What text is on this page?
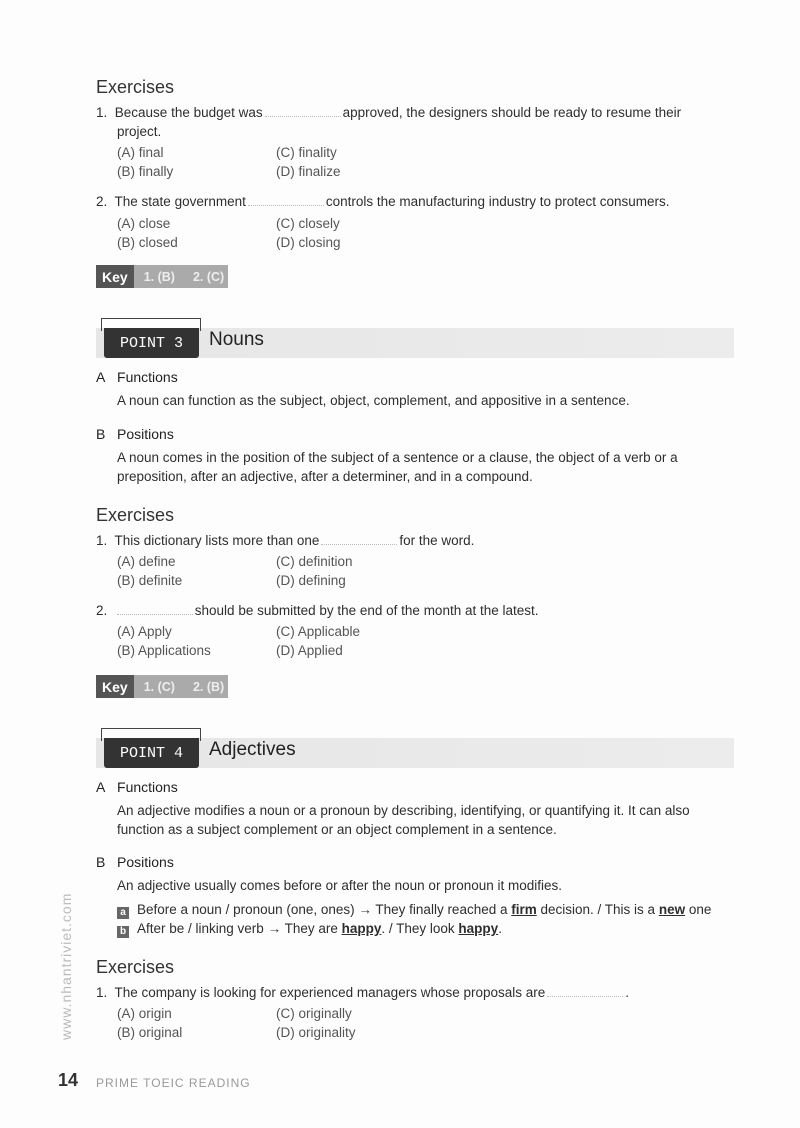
Exercises
1. Because the budget was	approved, the designers should be ready to resume their
project.
(A) final	(C) finality
(B) finally	(D) finalize
2. The state government	controls the manufacturing industry to protect consumers.
(A) close	(C) closely
(B) closed	(D) closing
Key	1. (B) 2. (C)
POINT 3	Nouns
A Functions
A noun can function as the subject, object, complement, and appositive in a sentence.
B Positions
A noun comes in the position of the subject of a sentence or a clause, the object of a verb or a
preposition, after an adjective, after a determiner, and in a compound.
Exercises
1. This dictionary lists more than one	for the word.
(A) define	(C) definition
(B) definite	(D) defining
2.	should be submitted by the end of the month at the latest.
(A) Apply	(C) Applicable
(B) Applications	(D) Applied
Key	1. (C) 2. (B)
POINT 4	Adjectives
A Functions
An adjective modifies a noun or a pronoun by describing, identifying, or quantifying it. It can also
function as a subject complement or an object complement in a sentence.
B Positions
An adjective usually comes before or after the noun or pronoun it modifies.
a Before a noun / pronoun (one, ones) → They finally reached a firm decision. / This is a new one
b After be / linking verb → They are happy. / They look happy.
Exercises
1. The company is looking for experienced managers whose proposals are	.
(A) origin	(C) originally
(B) original	(D) originality
www.nhantriviet.com
14 PRIME TOEIC READING
